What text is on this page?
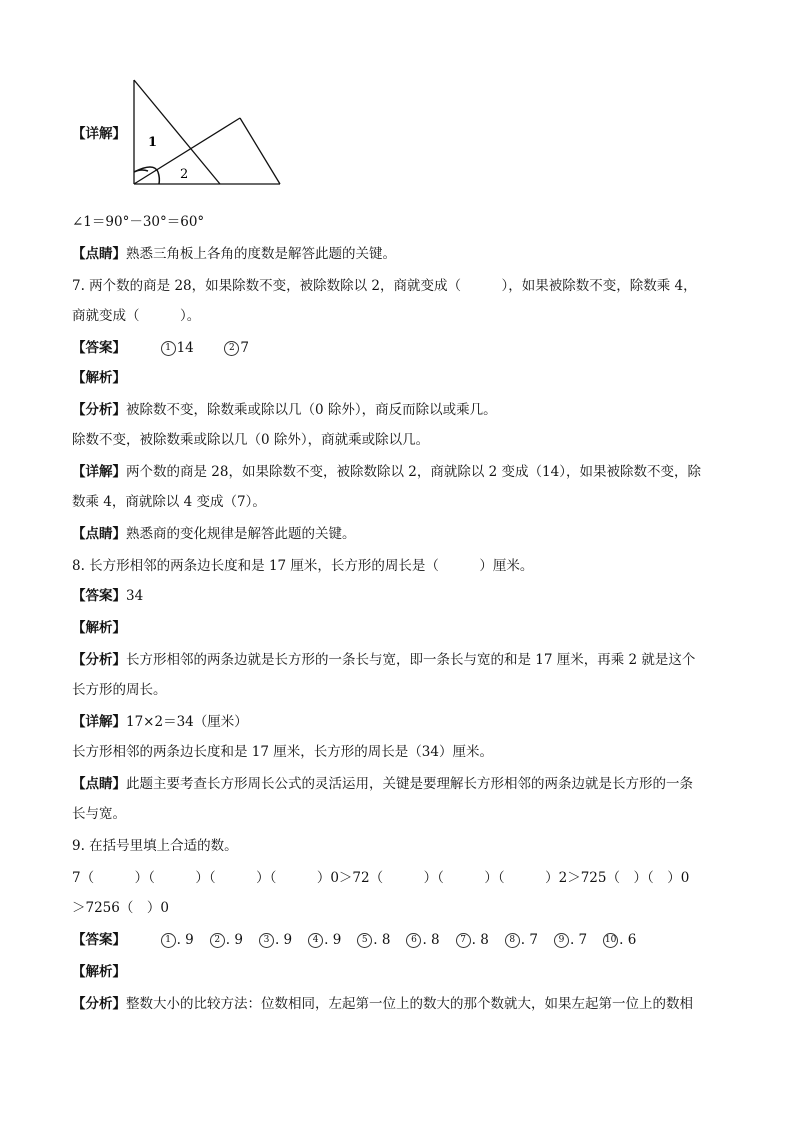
1
2
【详解】
∠1＝90°－30°＝60°
【点睛】熟悉三角板上各角的度数是解答此题的关键。
7. 两个数的商是 28，如果除数不变，被除数除以 2，商就变成（　　　），如果被除数不变，除数乘 4，
商就变成（　　　）。
【答案】	1 14	2 7
【解析】
【分析】被除数不变，除数乘或除以几（0 除外），商反而除以或乘几。
除数不变，被除数乘或除以几（0 除外），商就乘或除以几。
【详解】两个数的商是 28，如果除数不变，被除数除以 2，商就除以 2 变成（14），如果被除数不变，除
数乘 4，商就除以 4 变成（7）。
【点睛】熟悉商的变化规律是解答此题的关键。
8. 长方形相邻的两条边长度和是 17 厘米，长方形的周长是（　　　）厘米。
【答案】34
【解析】
【分析】长方形相邻的两条边就是长方形的一条长与宽，即一条长与宽的和是 17 厘米，再乘 2 就是这个
长方形的周长。
【详解】17×2＝34（厘米）
长方形相邻的两条边长度和是 17 厘米，长方形的周长是（34）厘米。
【点睛】此题主要考查长方形周长公式的灵活运用，关键是要理解长方形相邻的两条边就是长方形的一条
长与宽。
9. 在括号里填上合适的数。
7（　　　）（　　　）（　　　）（　　　）0＞72（　　　）（　　　）（　　　）2＞725（　）（　）0
＞7256（　）0
【答案】	1 . 9 2 . 9 3 . 9 4 . 9 5 . 8 6 . 8 7 . 8 8 . 7 9 . 7 10 . 6
【解析】
【分析】整数大小的比较方法：位数相同，左起第一位上的数大的那个数就大，如果左起第一位上的数相
